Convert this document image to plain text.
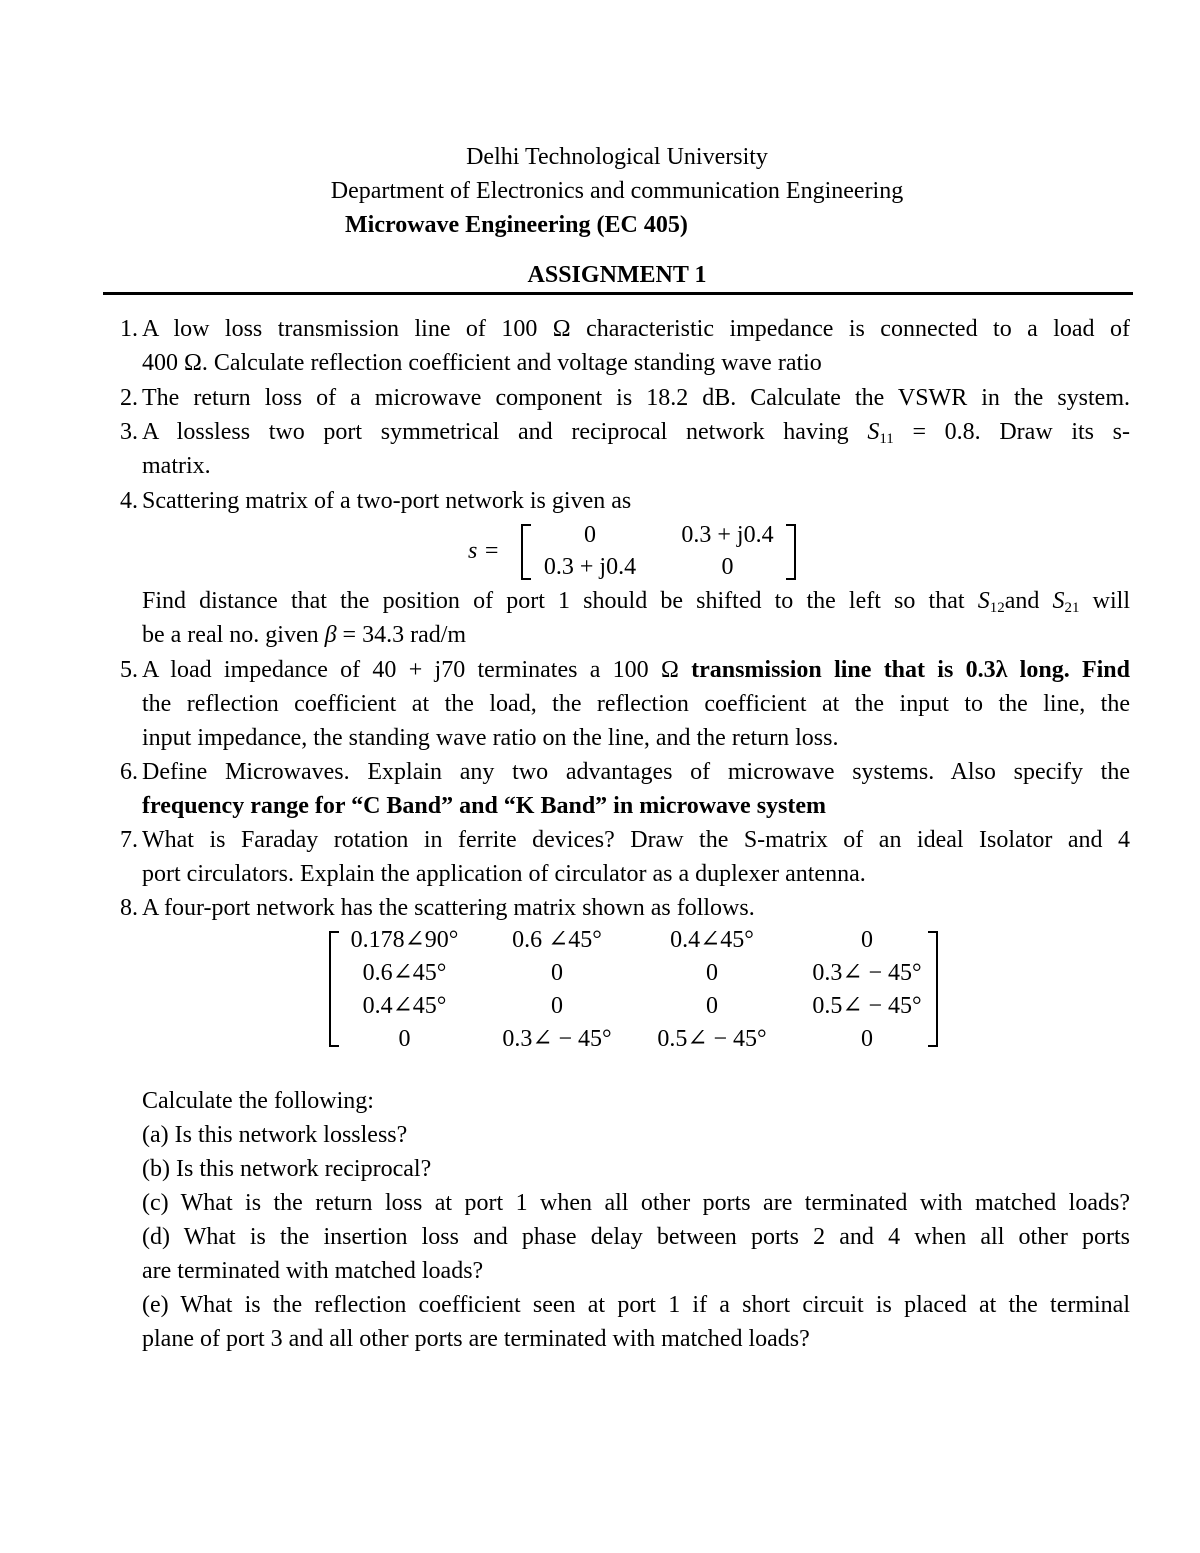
Delhi Technological University
Department of Electronics and communication Engineering
Microwave Engineering (EC 405)
ASSIGNMENT 1
1. A low loss transmission line of 100 Ω characteristic impedance is connected to a load of
400 Ω. Calculate reflection coefficient and voltage standing wave ratio
2. The return loss of a microwave component is 18.2 dB. Calculate the VSWR in the system.
3. A lossless two port symmetrical and reciprocal network having $S_{11} = 0.8$. Draw its s-
matrix.
4. Scattering matrix of a two-port network is given as
s =
0	0.3 + j0.4
0.3 + j0.4	0
Find distance that the position of port 1 should be shifted to the left so that $S_{12}and$ $S_{21}$ will
be a real no. given β = 34.3 rad/m
5. A load impedance of 40 + j70 terminates a 100 Ω transmission line that is 0.3λ long. Find
the reflection coefficient at the load, the reflection coefficient at the input to the line, the
input impedance, the standing wave ratio on the line, and the return loss.
6. Define Microwaves. Explain any two advantages of microwave systems. Also specify the
frequency range for “C Band” and “K Band” in microwave system
7. What is Faraday rotation in ferrite devices? Draw the S-matrix of an ideal Isolator and 4
port circulators. Explain the application of circulator as a duplexer antenna.
8. A four-port network has the scattering matrix shown as follows.
0.178∠90°	0.6 ∠45°	0.4∠45°	0
0.6∠45°	0	0	0.3∠ − 45°
0.4∠45°	0	0	0.5∠ − 45°
0	0.3∠ − 45°	0.5∠ − 45°	0
Calculate the following:
(a) Is this network lossless?
(b) Is this network reciprocal?
(c) What is the return loss at port 1 when all other ports are terminated with matched loads?
(d) What is the insertion loss and phase delay between ports 2 and 4 when all other ports
are terminated with matched loads?
(e) What is the reflection coefficient seen at port 1 if a short circuit is placed at the terminal
plane of port 3 and all other ports are terminated with matched loads?
